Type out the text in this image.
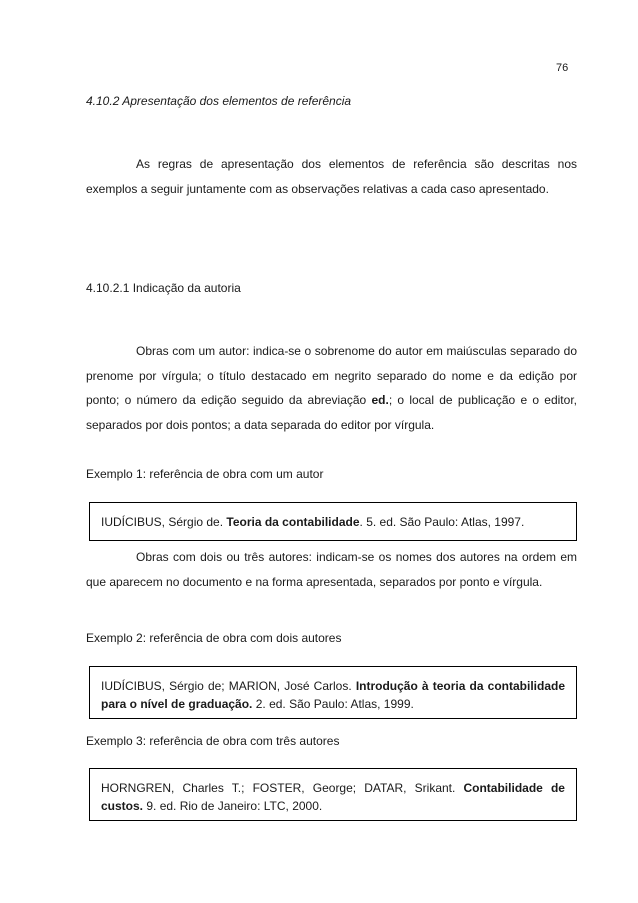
76
4.10.2 Apresentação dos elementos de referência

As regras de apresentação dos elementos de referência são descritas nos exemplos a seguir juntamente com as observações relativas a cada caso apresentado.

4.10.2.1 Indicação da autoria

Obras com um autor: indica-se o sobrenome do autor em maiúsculas separado do prenome por vírgula; o título destacado em negrito separado do nome e da edição por ponto; o número da edição seguido da abreviação ed.; o local de publicação e o editor, separados por dois pontos; a data separada do editor por vírgula.

Exemplo 1: referência de obra com um autor
IUDÍCIBUS, Sérgio de. Teoria da contabilidade. 5. ed. São Paulo: Atlas, 1997.

Obras com dois ou três autores: indicam-se os nomes dos autores na ordem em que aparecem no documento e na forma apresentada, separados por ponto e vírgula.

Exemplo 2: referência de obra com dois autores
IUDÍCIBUS, Sérgio de; MARION, José Carlos. Introdução à teoria da contabilidade para o nível de graduação. 2. ed. São Paulo: Atlas, 1999.
Exemplo 3: referência de obra com três autores
HORNGREN, Charles T.; FOSTER, George; DATAR, Srikant. Contabilidade de custos. 9. ed. Rio de Janeiro: LTC, 2000.
